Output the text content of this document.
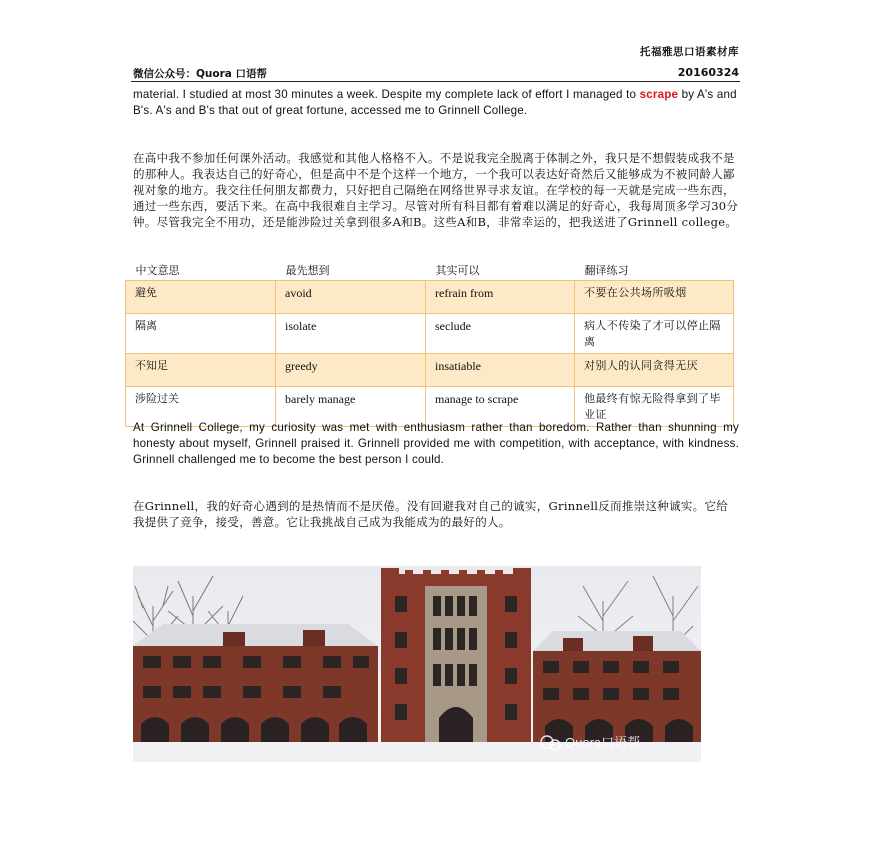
托福雅思口语素材库
微信公众号：Quora 口语帮	20160324
material. I studied at most 30 minutes a week. Despite my complete lack of effort I managed to scrape by A's and B's. A's and B's that out of great fortune, accessed me to Grinnell College.
在高中我不参加任何课外活动。我感觉和其他人格格不入。不是说我完全脱离于体制之外，我只是不想假装成我不是的那种人。我表达自己的好奇心，但是高中不是个这样一个地方，一个我可以表达好奇然后又能够成为不被同龄人鄙视对象的地方。我交往任何朋友都费力，只好把自己隔绝在网络世界寻求友谊。在学校的每一天就是完成一些东西，通过一些东西，要活下来。在高中我很难自主学习。尽管对所有科目都有着难以满足的好奇心，我每周顶多学习30分钟。尽管我完全不用功，还是能涉险过关拿到很多A和B。这些A和B，非常幸运的，把我送进了Grinnell college。
中文意思	最先想到	其实可以	翻译练习
避免	avoid	refrain from	不要在公共场所吸烟
隔离	isolate	seclude	病人不传染了才可以停止隔离
不知足	greedy	insatiable	对别人的认同贪得无厌
涉险过关	barely manage	manage to scrape	他最终有惊无险得拿到了毕业证
At Grinnell College, my curiosity was met with enthusiasm rather than boredom. Rather than shunning my honesty about myself, Grinnell praised it. Grinnell provided me with competition, with acceptance, with kindness. Grinnell challenged me to become the best person I could.
在Grinnell，我的好奇心遇到的是热情而不是厌倦。没有回避我对自己的诚实，Grinnell反而推崇这种诚实。它给我提供了竞争，接受，善意。它让我挑战自己成为我能成为的最好的人。
Quora口语帮
